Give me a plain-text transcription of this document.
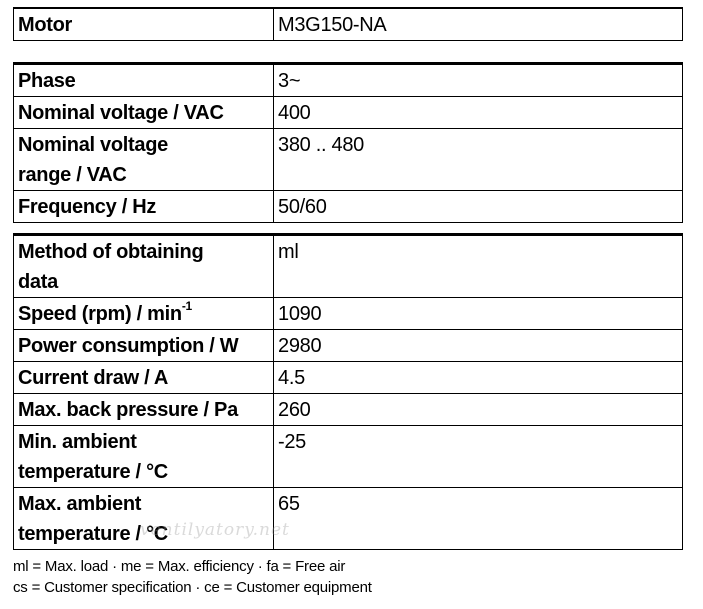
Motor	M3G150-NA
Phase	3~
Nominal voltage / VAC	400
Nominal voltage
range / VAC	380 .. 480
Frequency / Hz	50/60
Method of obtaining
data	ml
Speed $(rpm) / \min^{-1}$	1090
Power consumption / W	2980
Current draw / A	4.5
Max. back pressure / Pa	260
Min. ambient
temperature / °C	-25
Max. ambient
temperature / °C	65
ventilyatory.net
ml = Max. load · me = Max. efficiency · fa = Free air
cs = Customer specification · ce = Customer equipment
